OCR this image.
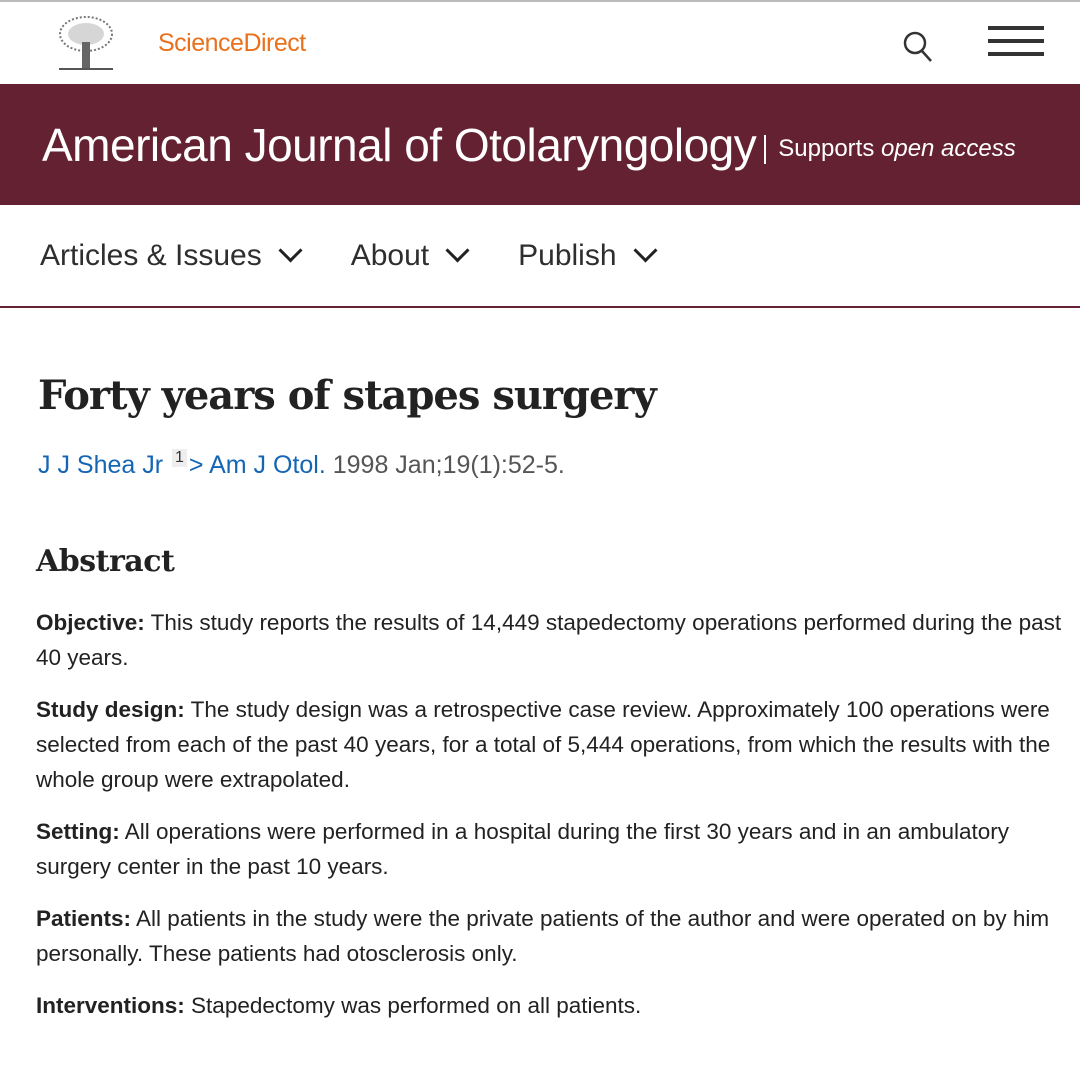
ScienceDirect
American Journal of Otolaryngology Supports open access
Articles & Issues	About	Publish
Forty years of stapes surgery
J J Shea Jr 1 > Am J Otol. 1998 Jan;19(1):52-5.
Abstract

Objective: This study reports the results of 14,449 stapedectomy operations performed during the past 40 years.

Study design: The study design was a retrospective case review. Approximately 100 operations were selected from each of the past 40 years, for a total of 5,444 operations, from which the results with the whole group were extrapolated.

Setting: All operations were performed in a hospital during the first 30 years and in an ambulatory surgery center in the past 10 years.

Patients: All patients in the study were the private patients of the author and were operated on by him personally. These patients had otosclerosis only.

Interventions: Stapedectomy was performed on all patients.
